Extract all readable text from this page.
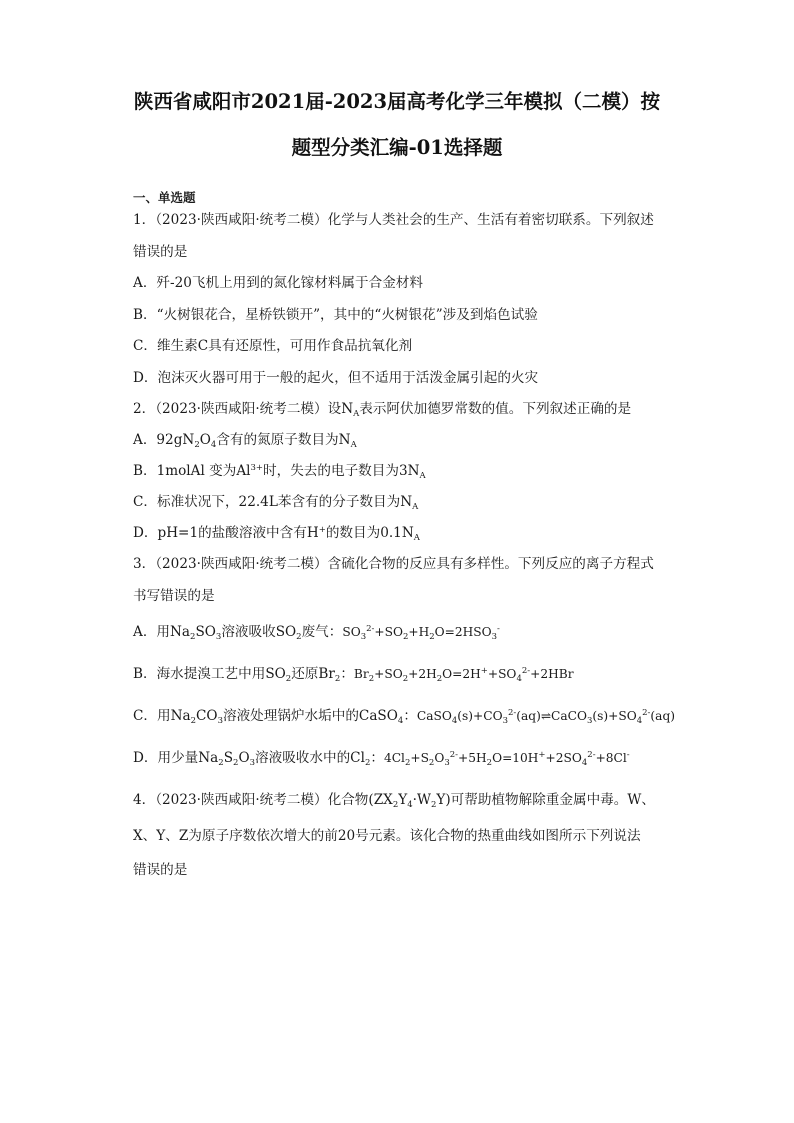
陕西省咸阳市2021届-2023届高考化学三年模拟（二模）按
题型分类汇编-01选择题
一、单选题
1．（2023·陕西咸阳·统考二模）化学与人类社会的生产、生活有着密切联系。下列叙述
错误的是
A．歼-20飞机上用到的氮化镓材料属于合金材料
B．“火树银花合，星桥铁锁开”，其中的“火树银花”涉及到焰色试验
C．维生素C具有还原性，可用作食品抗氧化剂
D．泡沫灭火器可用于一般的起火，但不适用于活泼金属引起的火灾
2．（2023·陕西咸阳·统考二模）设$N_A$表示阿伏加德罗常数的值。下列叙述正确的是
A．$92gN_2O_4$含有的氮原子数目为$N_A$
B．1molAl 变为$Al^{3+}$时，失去的电子数目为$3N_A$
C．标准状况下，22.4L苯含有的分子数目为$N_A$
D．pH=1的盐酸溶液中含有H+的数目为$0.1N_A$
3．（2023·陕西咸阳·统考二模）含硫化合物的反应具有多样性。下列反应的离子方程式
书写错误的是
A．用$Na_2SO_3$溶液吸收$SO_2$废气：$SO_3^{2-}+SO_2+H_2O=2HSO_3^-$
B．海水提溴工艺中用$SO_2$还原$Br_2$：$Br_2+SO_2+2H_2O=2H^++SO_4^{2-}+2HBr$
C．用$Na_2CO_3$溶液处理锅炉水垢中的CaSO$_4$：$CaSO_4(s)+CO_3^{2-}(aq)\rightleftharpoons CaCO_3(s)+SO_4^{2-}(aq)$
D．用少量$Na_2S_2O_3$溶液吸收水中的$Cl_2$：$4Cl_2+S_2O_3^{2-}+5H_2O=10H^++2SO_4^{2-}+8Cl^-$
4．（2023·陕西咸阳·统考二模）化合物$(ZX_2Y_4\cdot W_2Y)$可帮助植物解除重金属中毒。W、
X、Y、Z为原子序数依次增大的前20号元素。该化合物的热重曲线如图所示下列说法
错误的是
